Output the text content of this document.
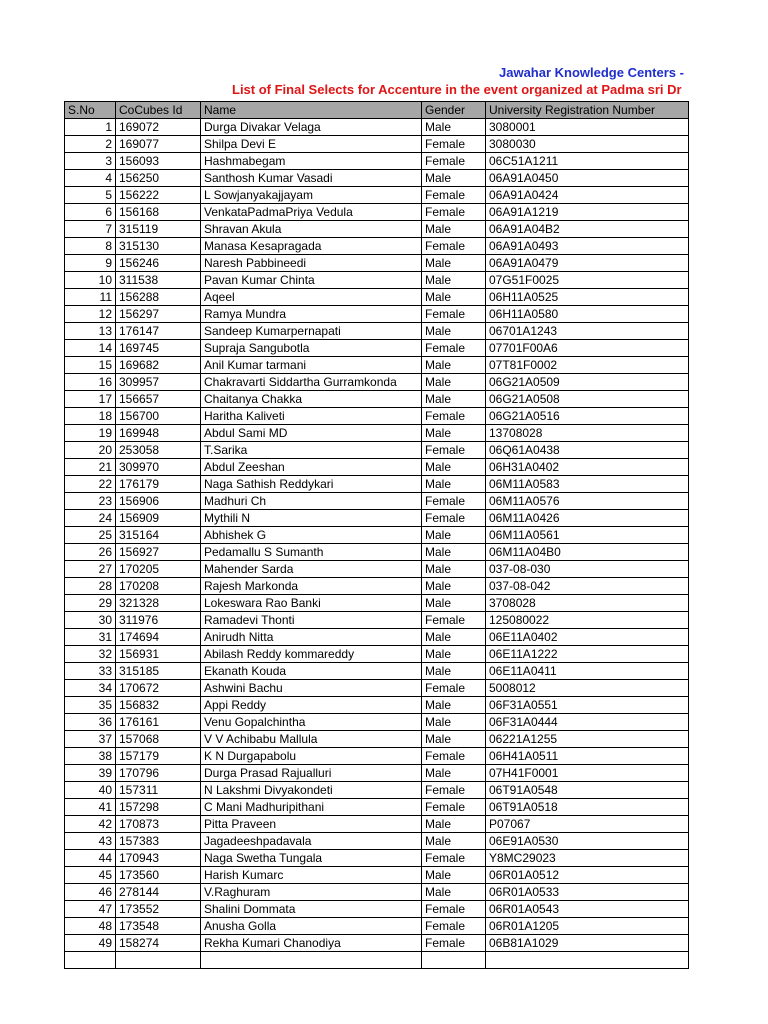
Jawahar Knowledge Centers -
List of Final Selects for Accenture in the event organized at Padma sri Dr
S.No	CoCubes Id	Name	Gender	University Registration Number
1	169072	Durga Divakar Velaga	Male	3080001
2	169077	Shilpa Devi E	Female	3080030
3	156093	Hashmabegam	Female	06C51A1211
4	156250	Santhosh Kumar Vasadi	Male	06A91A0450
5	156222	L Sowjanyakajjayam	Female	06A91A0424
6	156168	VenkataPadmaPriya Vedula	Female	06A91A1219
7	315119	Shravan Akula	Male	06A91A04B2
8	315130	Manasa Kesapragada	Female	06A91A0493
9	156246	Naresh Pabbineedi	Male	06A91A0479
10	311538	Pavan Kumar Chinta	Male	07G51F0025
11	156288	Aqeel	Male	06H11A0525
12	156297	Ramya Mundra	Female	06H11A0580
13	176147	Sandeep Kumarpernapati	Male	06701A1243
14	169745	Supraja Sangubotla	Female	07701F00A6
15	169682	Anil Kumar tarmani	Male	07T81F0002
16	309957	Chakravarti Siddartha Gurramkonda	Male	06G21A0509
17	156657	Chaitanya Chakka	Male	06G21A0508
18	156700	Haritha Kaliveti	Female	06G21A0516
19	169948	Abdul Sami MD	Male	13708028
20	253058	T.Sarika	Female	06Q61A0438
21	309970	Abdul Zeeshan	Male	06H31A0402
22	176179	Naga Sathish Reddykari	Male	06M11A0583
23	156906	Madhuri Ch	Female	06M11A0576
24	156909	Mythili N	Female	06M11A0426
25	315164	Abhishek G	Male	06M11A0561
26	156927	Pedamallu S Sumanth	Male	06M11A04B0
27	170205	Mahender Sarda	Male	037-08-030
28	170208	Rajesh Markonda	Male	037-08-042
29	321328	Lokeswara Rao Banki	Male	3708028
30	311976	Ramadevi Thonti	Female	125080022
31	174694	Anirudh Nitta	Male	06E11A0402
32	156931	Abilash Reddy kommareddy	Male	06E11A1222
33	315185	Ekanath Kouda	Male	06E11A0411
34	170672	Ashwini Bachu	Female	5008012
35	156832	Appi Reddy	Male	06F31A0551
36	176161	Venu Gopalchintha	Male	06F31A0444
37	157068	V V Achibabu Mallula	Male	06221A1255
38	157179	K N Durgapabolu	Female	06H41A0511
39	170796	Durga Prasad Rajualluri	Male	07H41F0001
40	157311	N Lakshmi Divyakondeti	Female	06T91A0548
41	157298	C Mani Madhuripithani	Female	06T91A0518
42	170873	Pitta Praveen	Male	P07067
43	157383	Jagadeeshpadavala	Male	06E91A0530
44	170943	Naga Swetha Tungala	Female	Y8MC29023
45	173560	Harish Kumarc	Male	06R01A0512
46	278144	V.Raghuram	Male	06R01A0533
47	173552	Shalini Dommata	Female	06R01A0543
48	173548	Anusha Golla	Female	06R01A1205
49	158274	Rekha Kumari Chanodiya	Female	06B81A1029
